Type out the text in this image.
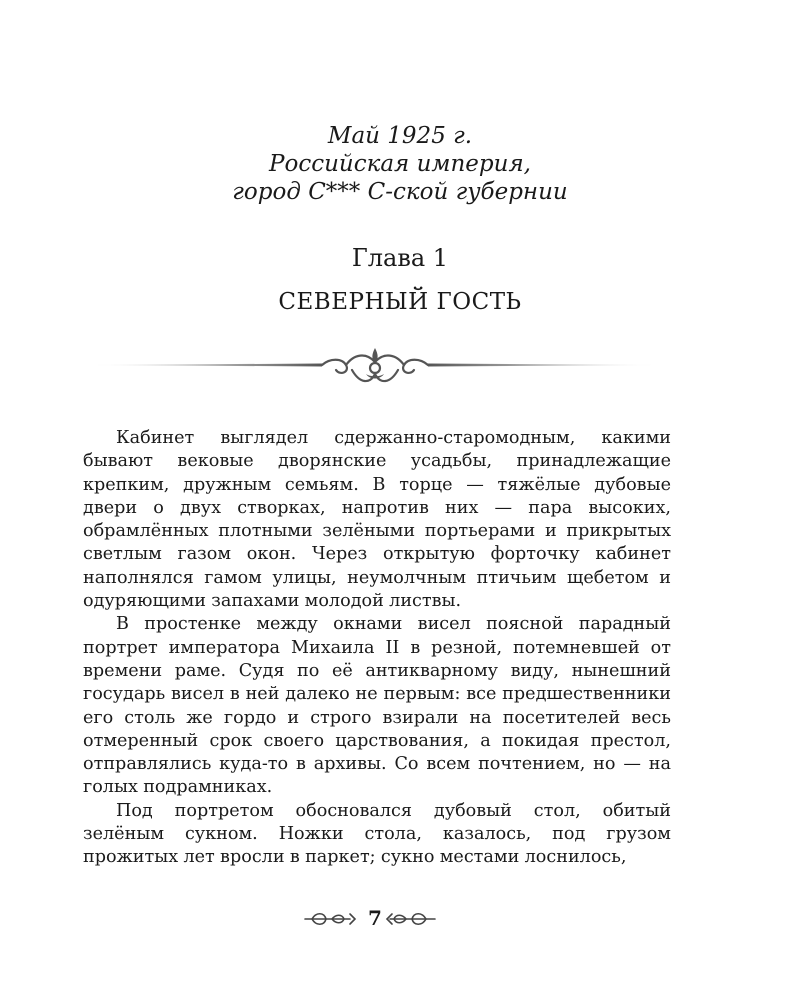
Май 1925 г.
Российская империя,
город С*** С-ской губернии
Глава 1
СЕВЕРНЫЙ ГОСТЬ

Кабинет выглядел сдержанно-старомодным, какими бывают вековые дворянские усадьбы, принадлежащие крепким, дружным семьям. В торце — тяжёлые дубовые двери о двух створках, напротив них — пара высоких, обрамлённых плотными зелёными портьерами и прикрытых светлым газом окон. Через открытую форточку кабинет наполнялся гамом улицы, неумолчным птичьим щебетом и одуряющими запахами молодой листвы.

В простенке между окнами висел поясной парадный портрет императора Михаила II в резной, потемневшей от времени раме. Судя по её антикварному виду, нынешний государь висел в ней далеко не первым: все предшественники его столь же гордо и строго взирали на посетителей весь отмеренный срок своего царствования, а покидая престол, отправлялись куда-то в архивы. Со всем почтением, но — на голых подрамниках.

Под портретом обосновался дубовый стол, обитый зелёным сукном. Ножки стола, казалось, под грузом прожитых лет вросли в паркет; сукно местами лоснилось,

7
